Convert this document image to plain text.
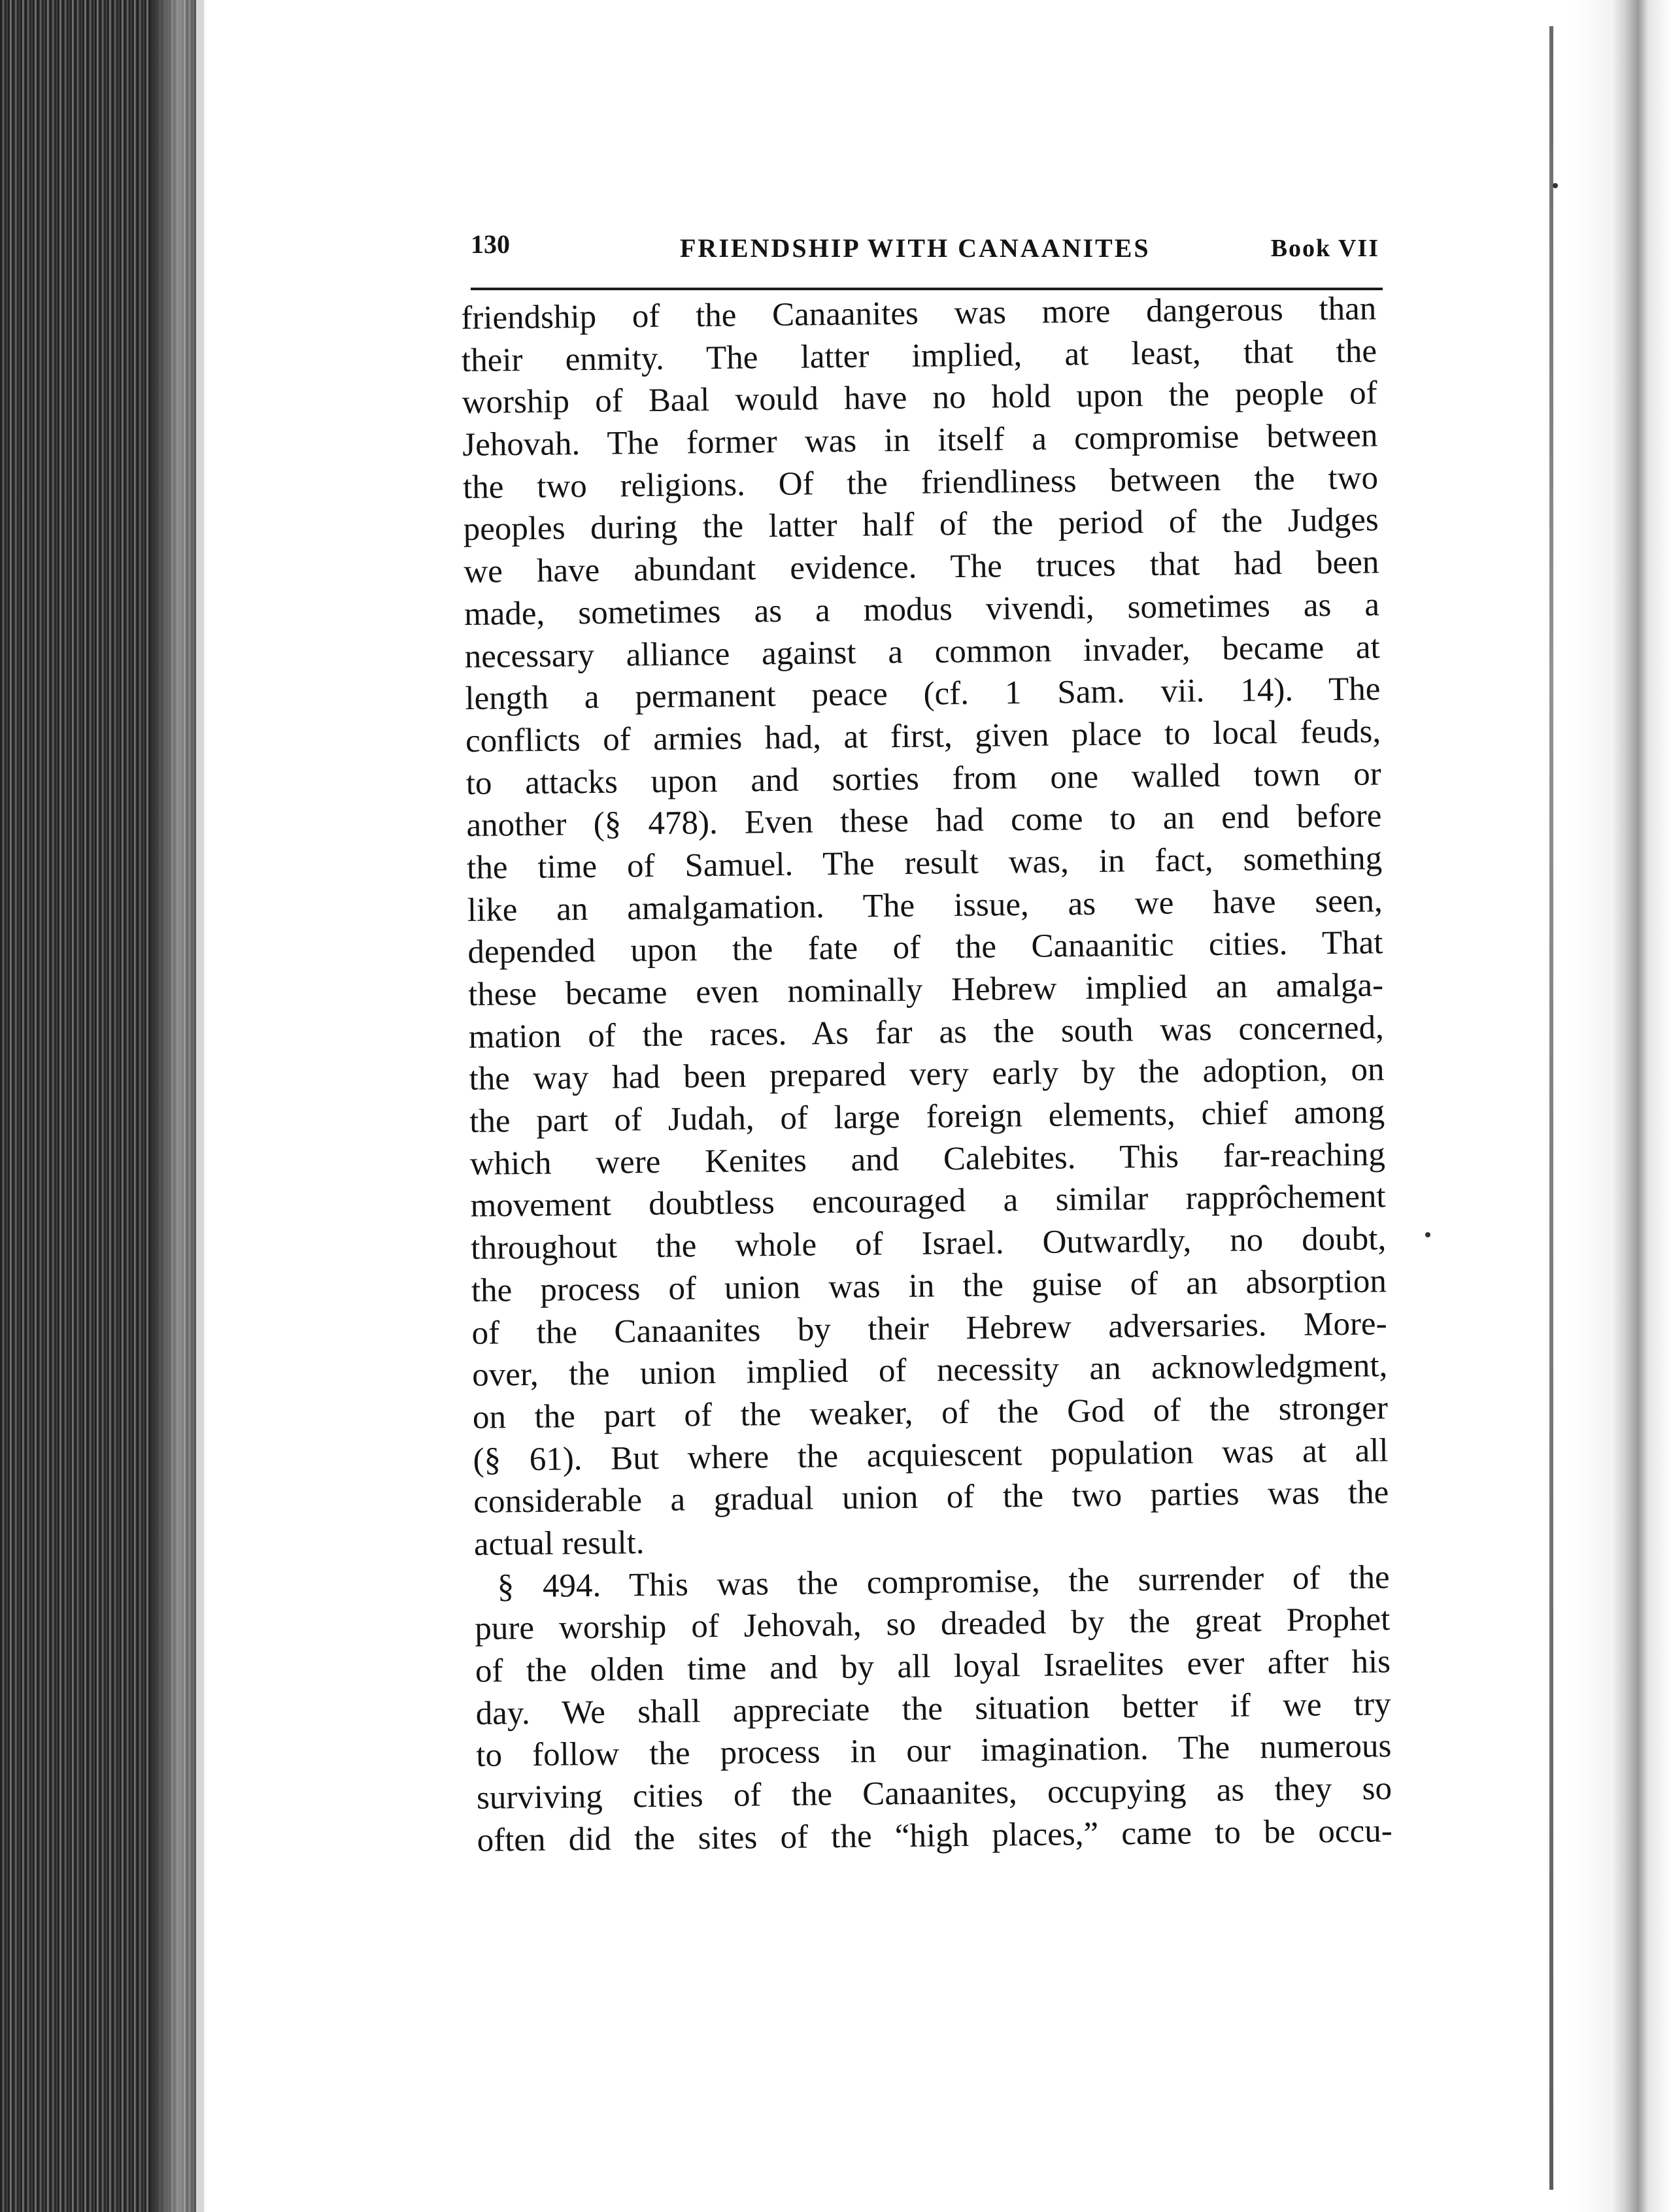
130	FRIENDSHIP WITH CANAANITES	Book VII
friendship of the Canaanites was more dangerous than
their enmity. The latter implied, at least, that the
worship of Baal would have no hold upon the people of
Jehovah. The former was in itself a compromise between
the two religions. Of the friendliness between the two
peoples during the latter half of the period of the Judges
we have abundant evidence. The truces that had been
made, sometimes as a modus vivendi, sometimes as a
necessary alliance against a common invader, became at
length a permanent peace (cf. 1 Sam. vii. 14). The
conflicts of armies had, at first, given place to local feuds,
to attacks upon and sorties from one walled town or
another (§ 478). Even these had come to an end before
the time of Samuel. The result was, in fact, something
like an amalgamation. The issue, as we have seen,
depended upon the fate of the Canaanitic cities. That
these became even nominally Hebrew implied an amalga-
mation of the races. As far as the south was concerned,
the way had been prepared very early by the adoption, on
the part of Judah, of large foreign elements, chief among
which were Kenites and Calebites. This far-reaching
movement doubtless encouraged a similar rapprôchement
throughout the whole of Israel. Outwardly, no doubt,
the process of union was in the guise of an absorption
of the Canaanites by their Hebrew adversaries. More-
over, the union implied of necessity an acknowledgment,
on the part of the weaker, of the God of the stronger
(§ 61). But where the acquiescent population was at all
considerable a gradual union of the two parties was the
actual result.
§ 494. This was the compromise, the surrender of the
pure worship of Jehovah, so dreaded by the great Prophet
of the olden time and by all loyal Israelites ever after his
day. We shall appreciate the situation better if we try
to follow the process in our imagination. The numerous
surviving cities of the Canaanites, occupying as they so
often did the sites of the “high places,” came to be occu-
